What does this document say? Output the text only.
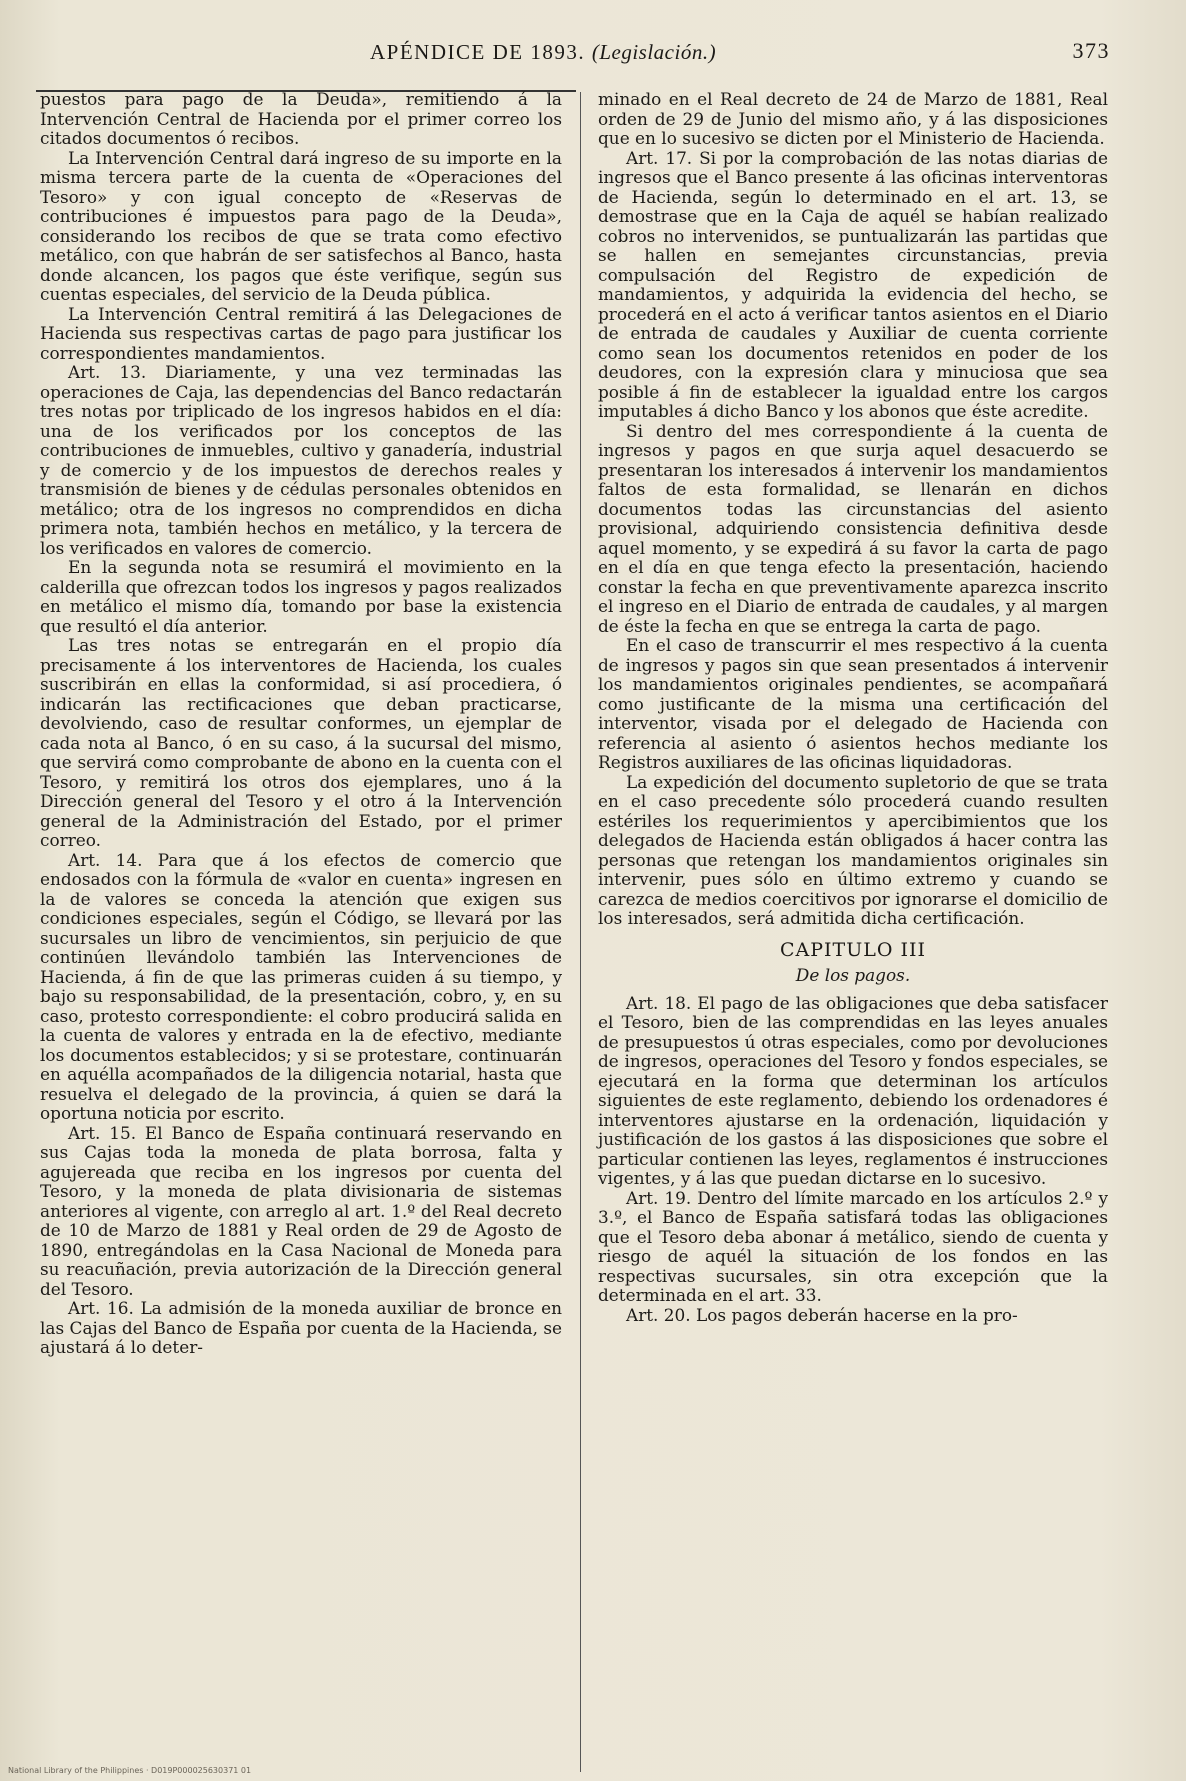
APÉNDICE DE 1893. (Legislación.)	373

puestos para pago de la Deuda», remitiendo á la Intervención Central de Hacienda por el primer correo los citados documentos ó recibos.

La Intervención Central dará ingreso de su importe en la misma tercera parte de la cuenta de «Operaciones del Tesoro» y con igual concepto de «Reservas de contribuciones é impuestos para pago de la Deuda», considerando los recibos de que se trata como efectivo metálico, con que habrán de ser satisfechos al Banco, hasta donde alcancen, los pagos que éste verifique, según sus cuentas especiales, del servicio de la Deuda pública.

La Intervención Central remitirá á las Delegaciones de Hacienda sus respectivas cartas de pago para justificar los correspondientes mandamientos.

Art. 13. Diariamente, y una vez terminadas las operaciones de Caja, las dependencias del Banco redactarán tres notas por triplicado de los ingresos habidos en el día: una de los verificados por los conceptos de las contribuciones de inmuebles, cultivo y ganadería, industrial y de comercio y de los impuestos de derechos reales y transmisión de bienes y de cédulas personales obtenidos en metálico; otra de los ingresos no comprendidos en dicha primera nota, también hechos en metálico, y la tercera de los verificados en valores de comercio.

En la segunda nota se resumirá el movimiento en la calderilla que ofrezcan todos los ingresos y pagos realizados en metálico el mismo día, tomando por base la existencia que resultó el día anterior.

Las tres notas se entregarán en el propio día precisamente á los interventores de Hacienda, los cuales suscribirán en ellas la conformidad, si así procediera, ó indicarán las rectificaciones que deban practicarse, devolviendo, caso de resultar conformes, un ejemplar de cada nota al Banco, ó en su caso, á la sucursal del mismo, que servirá como comprobante de abono en la cuenta con el Tesoro, y remitirá los otros dos ejemplares, uno á la Dirección general del Tesoro y el otro á la Intervención general de la Administración del Estado, por el primer correo.

Art. 14. Para que á los efectos de comercio que endosados con la fórmula de «valor en cuenta» ingresen en la de valores se conceda la atención que exigen sus condiciones especiales, según el Código, se llevará por las sucursales un libro de vencimientos, sin perjuicio de que continúen llevándolo también las Intervenciones de Hacienda, á fin de que las primeras cuiden á su tiempo, y bajo su responsabilidad, de la presentación, cobro, y, en su caso, protesto correspondiente: el cobro producirá salida en la cuenta de valores y entrada en la de efectivo, mediante los documentos establecidos; y si se protestare, continuarán en aquélla acompañados de la diligencia notarial, hasta que resuelva el delegado de la provincia, á quien se dará la oportuna noticia por escrito.

Art. 15. El Banco de España continuará reservando en sus Cajas toda la moneda de plata borrosa, falta y agujereada que reciba en los ingresos por cuenta del Tesoro, y la moneda de plata divisionaria de sistemas anteriores al vigente, con arreglo al art. 1.º del Real decreto de 10 de Marzo de 1881 y Real orden de 29 de Agosto de 1890, entregándolas en la Casa Nacional de Moneda para su reacuñación, previa autorización de la Dirección general del Tesoro.

Art. 16. La admisión de la moneda auxiliar de bronce en las Cajas del Banco de España por cuenta de la Hacienda, se ajustará á lo deter-

minado en el Real decreto de 24 de Marzo de 1881, Real orden de 29 de Junio del mismo año, y á las disposiciones que en lo sucesivo se dicten por el Ministerio de Hacienda.

Art. 17. Si por la comprobación de las notas diarias de ingresos que el Banco presente á las oficinas interventoras de Hacienda, según lo determinado en el art. 13, se demostrase que en la Caja de aquél se habían realizado cobros no intervenidos, se puntualizarán las partidas que se hallen en semejantes circunstancias, previa compulsación del Registro de expedición de mandamientos, y adquirida la evidencia del hecho, se procederá en el acto á verificar tantos asientos en el Diario de entrada de caudales y Auxiliar de cuenta corriente como sean los documentos retenidos en poder de los deudores, con la expresión clara y minuciosa que sea posible á fin de establecer la igualdad entre los cargos imputables á dicho Banco y los abonos que éste acredite.

Si dentro del mes correspondiente á la cuenta de ingresos y pagos en que surja aquel desacuerdo se presentaran los interesados á intervenir los mandamientos faltos de esta formalidad, se llenarán en dichos documentos todas las circunstancias del asiento provisional, adquiriendo consistencia definitiva desde aquel momento, y se expedirá á su favor la carta de pago en el día en que tenga efecto la presentación, haciendo constar la fecha en que preventivamente aparezca inscrito el ingreso en el Diario de entrada de caudales, y al margen de éste la fecha en que se entrega la carta de pago.

En el caso de transcurrir el mes respectivo á la cuenta de ingresos y pagos sin que sean presentados á intervenir los mandamientos originales pendientes, se acompañará como justificante de la misma una certificación del interventor, visada por el delegado de Hacienda con referencia al asiento ó asientos hechos mediante los Registros auxiliares de las oficinas liquidadoras.

La expedición del documento supletorio de que se trata en el caso precedente sólo procederá cuando resulten estériles los requerimientos y apercibimientos que los delegados de Hacienda están obligados á hacer contra las personas que retengan los mandamientos originales sin intervenir, pues sólo en último extremo y cuando se carezca de medios coercitivos por ignorarse el domicilio de los interesados, será admitida dicha certificación.

CAPITULO III
De los pagos.

Art. 18. El pago de las obligaciones que deba satisfacer el Tesoro, bien de las comprendidas en las leyes anuales de presupuestos ú otras especiales, como por devoluciones de ingresos, operaciones del Tesoro y fondos especiales, se ejecutará en la forma que determinan los artículos siguientes de este reglamento, debiendo los ordenadores é interventores ajustarse en la ordenación, liquidación y justificación de los gastos á las disposiciones que sobre el particular contienen las leyes, reglamentos é instrucciones vigentes, y á las que puedan dictarse en lo sucesivo.

Art. 19. Dentro del límite marcado en los artículos 2.º y 3.º, el Banco de España satisfará todas las obligaciones que el Tesoro deba abonar á metálico, siendo de cuenta y riesgo de aquél la situación de los fondos en las respectivas sucursales, sin otra excepción que la determinada en el art. 33.

Art. 20. Los pagos deberán hacerse en la pro-

National Library of the Philippines · D019P000025630371 01
